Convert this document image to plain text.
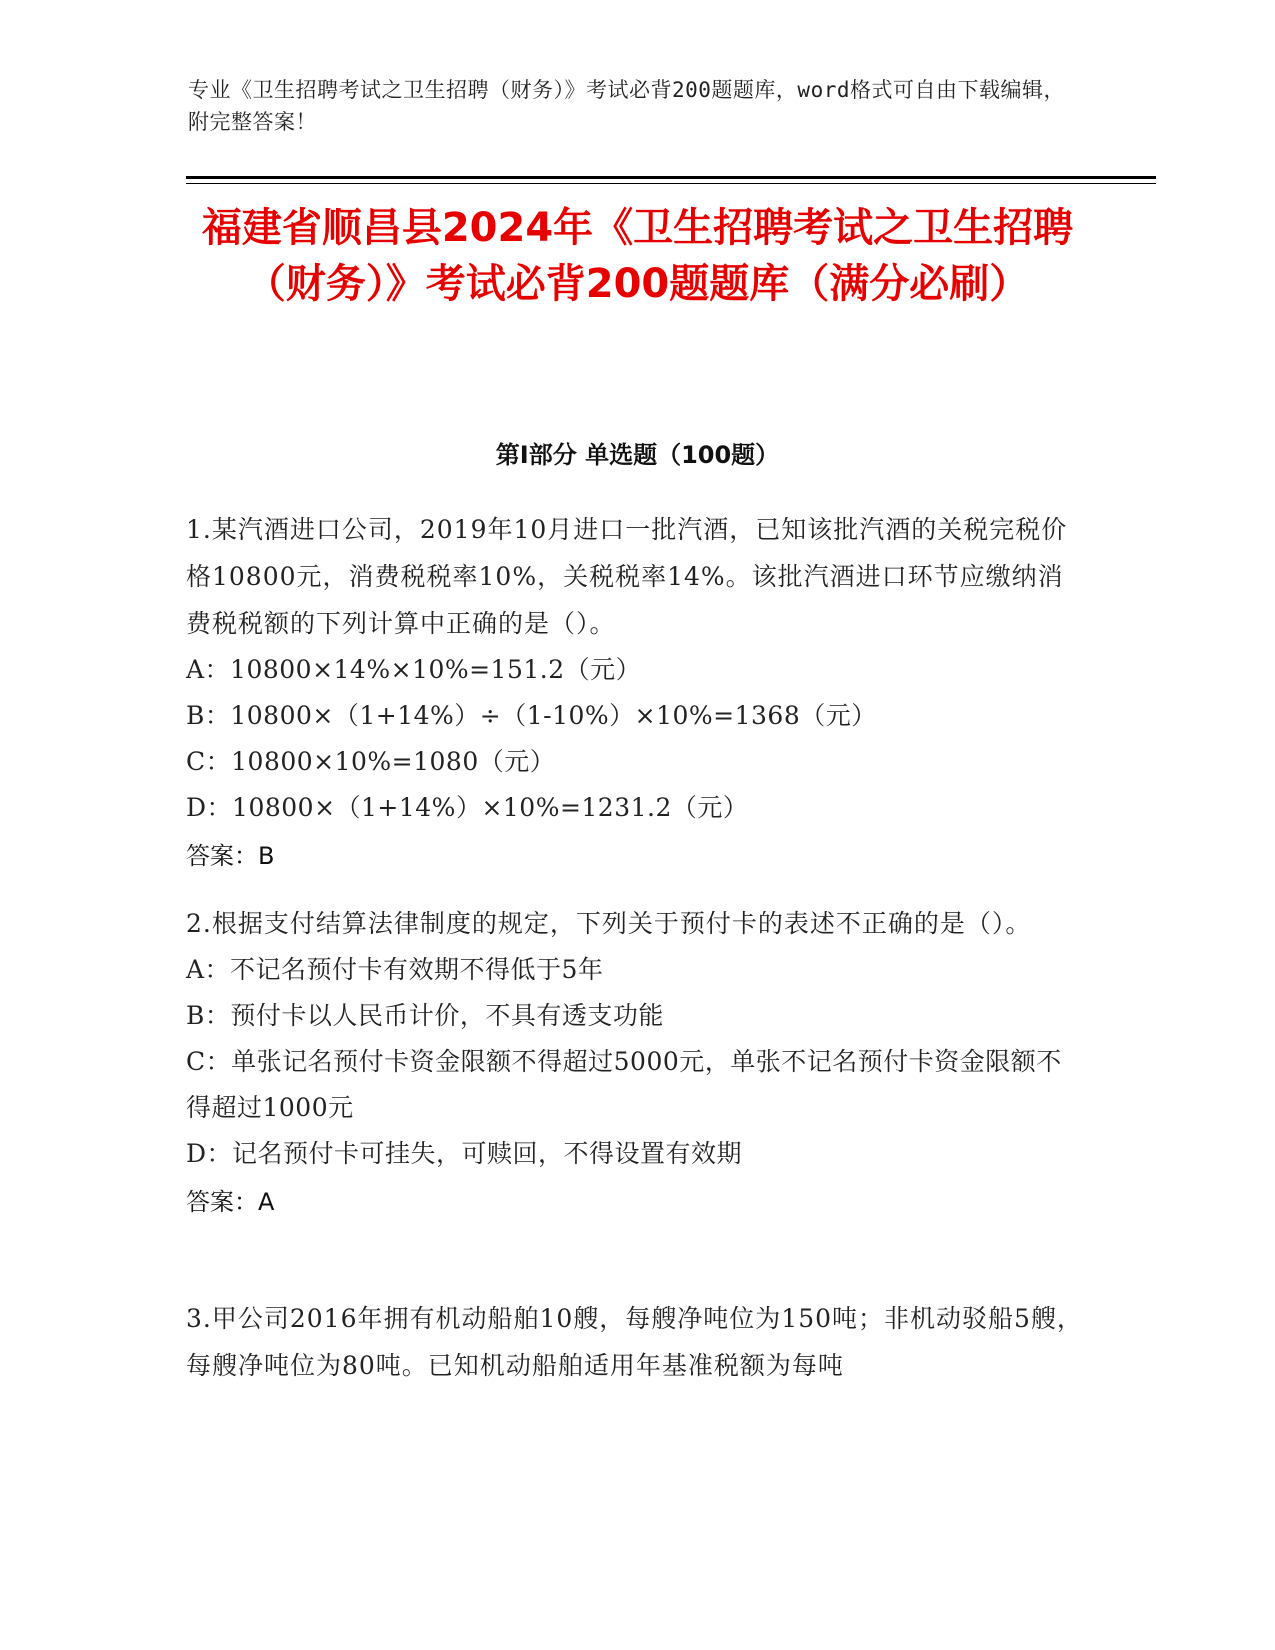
专业《卫生招聘考试之卫生招聘（财务）》考试必背200题题库，word格式可自由下载编辑，附完整答案！
福建省顺昌县2024年《卫生招聘考试之卫生招聘（财务）》考试必背200题题库（满分必刷）
第Ⅰ部分 单选题（100题）
1.某汽酒进口公司，2019年10月进口一批汽酒，已知该批汽酒的关税完税价格10800元，消费税税率10%，关税税率14%。该批汽酒进口环节应缴纳消费税税额的下列计算中正确的是（）。
A：10800×14%×10%=151.2（元）
B：10800×（1+14%）÷（1-10%）×10%=1368（元）
C：10800×10%=1080（元）
D：10800×（1+14%）×10%=1231.2（元）
答案：B
2.根据支付结算法律制度的规定，下列关于预付卡的表述不正确的是（）。
A：不记名预付卡有效期不得低于5年
B：预付卡以人民币计价，不具有透支功能
C：单张记名预付卡资金限额不得超过5000元，单张不记名预付卡资金限额不得超过1000元
D：记名预付卡可挂失，可赎回，不得设置有效期
答案：A
3.甲公司2016年拥有机动船舶10艘，每艘净吨位为150吨；非机动驳船5艘，每艘净吨位为80吨。已知机动船舶适用年基准税额为每吨
